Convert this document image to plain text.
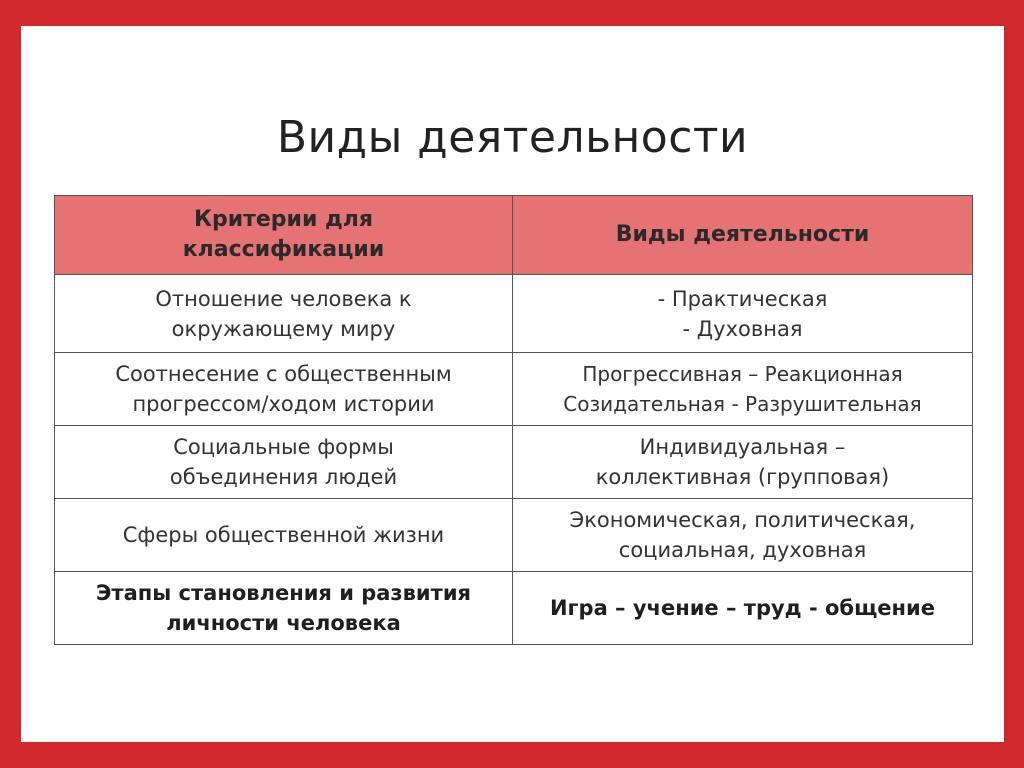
Виды деятельности
Критерии для
классификации	Виды деятельности

Отношение человека к
окружающему миру	- Практическая
- Духовная

Соотнесение с общественным
прогрессом/ходом истории	Прогрессивная – Реакционная
Созидательная - Разрушительная

Социальные формы
объединения людей	Индивидуальная –
коллективная (групповая)

Сферы общественной жизни	Экономическая, политическая,
социальная, духовная

Этапы становления и развития
личности человека	Игра – учение – труд - общение
